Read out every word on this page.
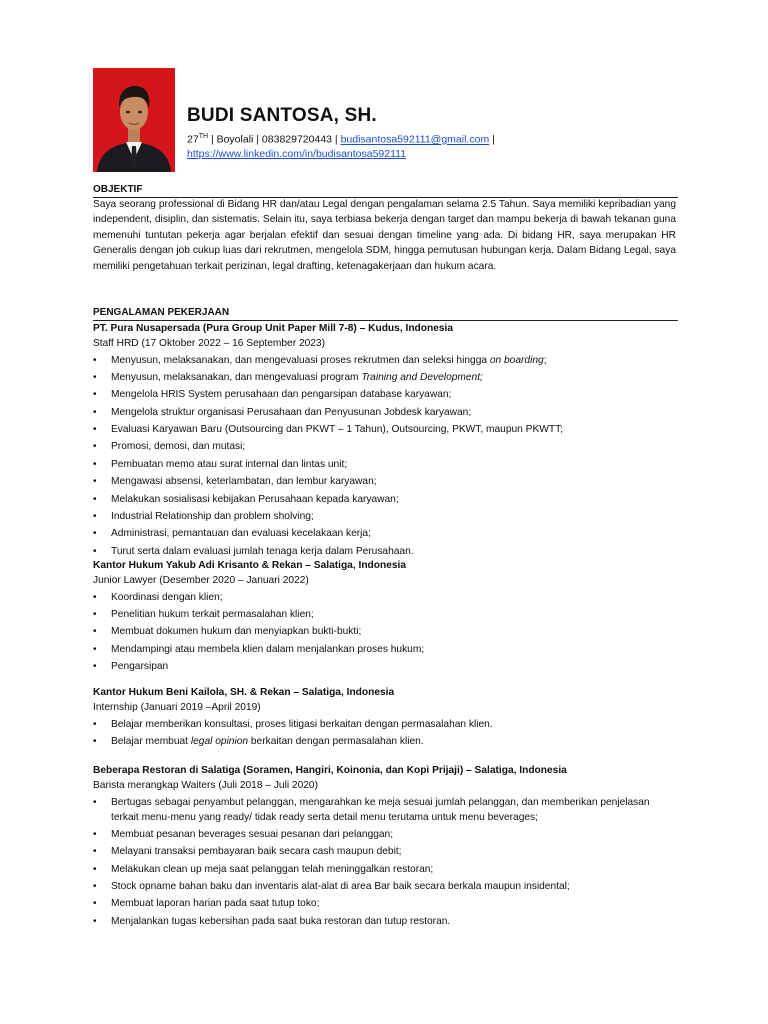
BUDI SANTOSA, SH.
27TH | Boyolali | 083829720443 | budisantosa592111@gmail.com |
https://www.linkedin.com/in/budisantosa592111
OBJEKTIF

Saya seorang professional di Bidang HR dan/atau Legal dengan pengalaman selama 2.5 Tahun. Saya memiliki kepribadian yang independent, disiplin, dan sistematis. Selain itu, saya terbiasa bekerja dengan target dan mampu bekerja di bawah tekanan guna memenuhi tuntutan pekerja agar berjalan efektif dan sesuai dengan timeline yang ada. Di bidang HR, saya merupakan HR Generalis dengan job cukup luas dari rekrutmen, mengelola SDM, hingga pemutusan hubungan kerja. Dalam Bidang Legal, saya memiliki pengetahuan terkait perizinan, legal drafting, ketenagakerjaan dan hukum acara.

PENGALAMAN PEKERJAAN

PT. Pura Nusapersada (Pura Group Unit Paper Mill 7-8) – Kudus, Indonesia

Staff HRD (17 Oktober 2022 – 16 September 2023)

• Menyusun, melaksanakan, dan mengevaluasi proses rekrutmen dan seleksi hingga on boarding;
• Menyusun, melaksanakan, dan mengevaluasi program Training and Development;
• Mengelola HRIS System perusahaan dan pengarsipan database karyawan;
• Mengelola struktur organisasi Perusahaan dan Penyusunan Jobdesk karyawan;
• Evaluasi Karyawan Baru (Outsourcing dan PKWT – 1 Tahun), Outsourcing, PKWT, maupun PKWTT;
• Promosi, demosi, dan mutasi;
• Pembuatan memo atau surat internal dan lintas unit;
• Mengawasi absensi, keterlambatan, dan lembur karyawan;
• Melakukan sosialisasi kebijakan Perusahaan kepada karyawan;
• Industrial Relationship dan problem sholving;
• Administrasi, pemantauan dan evaluasi kecelakaan kerja;
• Turut serta dalam evaluasi jumlah tenaga kerja dalam Perusahaan.

Kantor Hukum Yakub Adi Krisanto & Rekan – Salatiga, Indonesia

Junior Lawyer (Desember 2020 – Januari 2022)

• Koordinasi dengan klien;
• Penelitian hukum terkait permasalahan klien;
• Membuat dokumen hukum dan menyiapkan bukti-bukti;
• Mendampingi atau membela klien dalam menjalankan proses hukum;
• Pengarsipan

Kantor Hukum Beni Kailola, SH. & Rekan – Salatiga, Indonesia

Internship (Januari 2019 –April 2019)

• Belajar memberikan konsultasi, proses litigasi berkaitan dengan permasalahan klien.
• Belajar membuat legal opinion berkaitan dengan permasalahan klien.

Beberapa Restoran di Salatiga (Soramen, Hangiri, Koinonia, dan Kopi Prijaji) – Salatiga, Indonesia

Barista merangkap Waiters (Juli 2018 – Juli 2020)

• Bertugas sebagai penyambut pelanggan, mengarahkan ke meja sesuai jumlah pelanggan, dan memberikan penjelasan terkait menu-menu yang ready/ tidak ready serta detail menu terutama untuk menu beverages;
• Membuat pesanan beverages sesuai pesanan dari pelanggan;
• Melayani transaksi pembayaran baik secara cash maupun debit;
• Melakukan clean up meja saat pelanggan telah meninggalkan restoran;
• Stock opname bahan baku dan inventaris alat-alat di area Bar baik secara berkala maupun insidental;
• Membuat laporan harian pada saat tutup toko;
• Menjalankan tugas kebersihan pada saat buka restoran dan tutup restoran.
